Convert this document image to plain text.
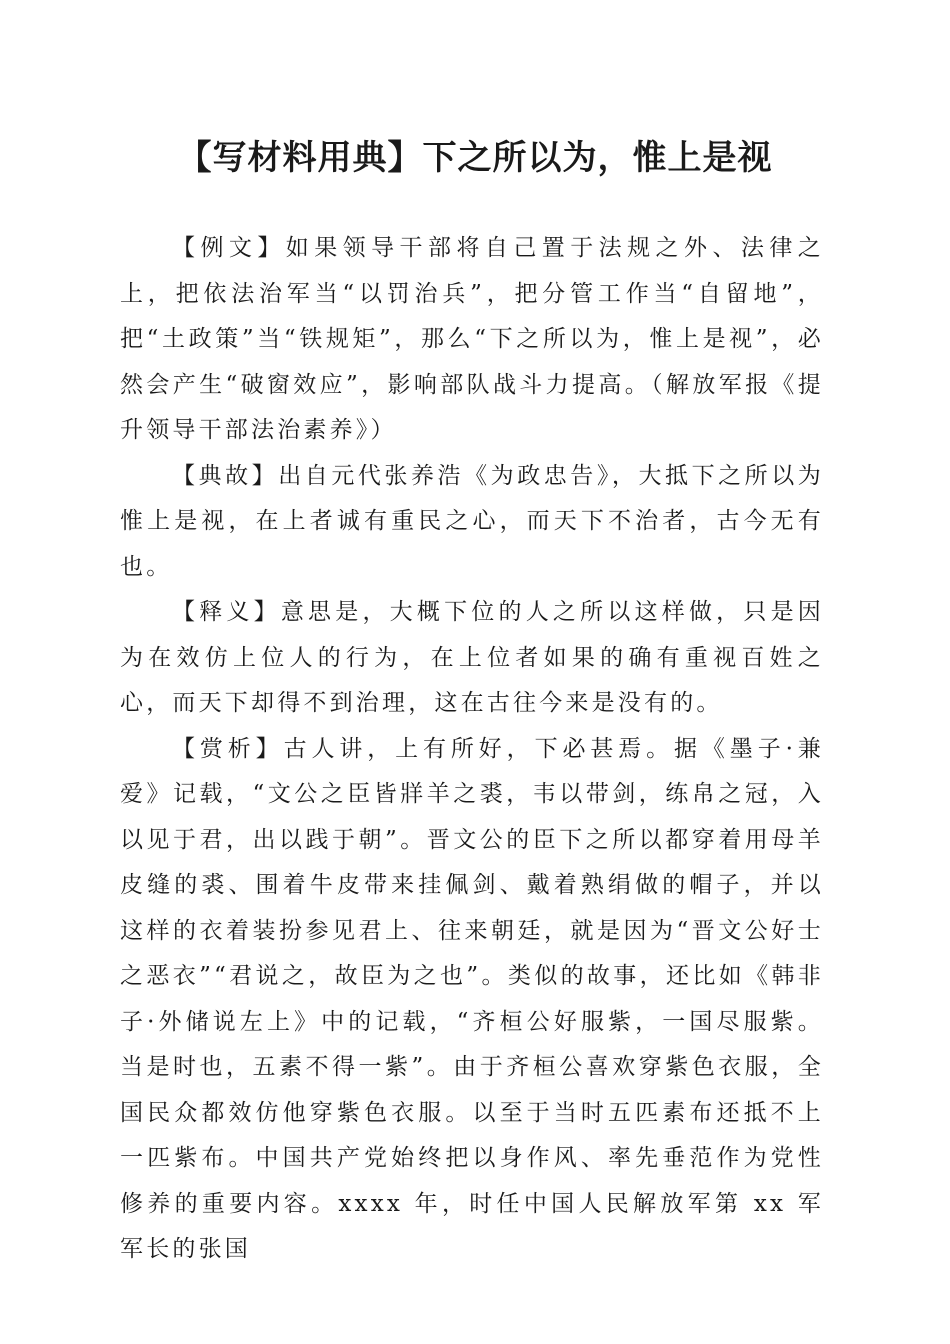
【写材料用典】下之所以为，惟上是视

【例文】如果领导干部将自己置于法规之外、法律之上，把依法治军当“以罚治兵”，把分管工作当“自留地”，把“土政策”当“铁规矩”，那么“下之所以为，惟上是视”，必然会产生“破窗效应”，影响部队战斗力提高。（解放军报《提升领导干部法治素养》）

【典故】出自元代张养浩《为政忠告》，大抵下之所以为惟上是视，在上者诚有重民之心，而天下不治者，古今无有也。

【释义】意思是，大概下位的人之所以这样做，只是因为在效仿上位人的行为，在上位者如果的确有重视百姓之心，而天下却得不到治理，这在古往今来是没有的。

【赏析】古人讲，上有所好，下必甚焉。据《墨子·兼爱》记载，“文公之臣皆牂羊之裘，韦以带剑，练帛之冠，入以见于君，出以践于朝”。晋文公的臣下之所以都穿着用母羊皮缝的裘、围着牛皮带来挂佩剑、戴着熟绢做的帽子，并以这样的衣着装扮参见君上、往来朝廷，就是因为“晋文公好士之恶衣”“君说之，故臣为之也”。类似的故事，还比如《韩非子·外储说左上》中的记载，“齐桓公好服紫，一国尽服紫。当是时也，五素不得一紫”。由于齐桓公喜欢穿紫色衣服，全国民众都效仿他穿紫色衣服。以至于当时五匹素布还抵不上一匹紫布。中国共产党始终把以身作风、率先垂范作为党性修养的重要内容。xxxx 年，时任中国人民解放军第 xx 军军长的张国
